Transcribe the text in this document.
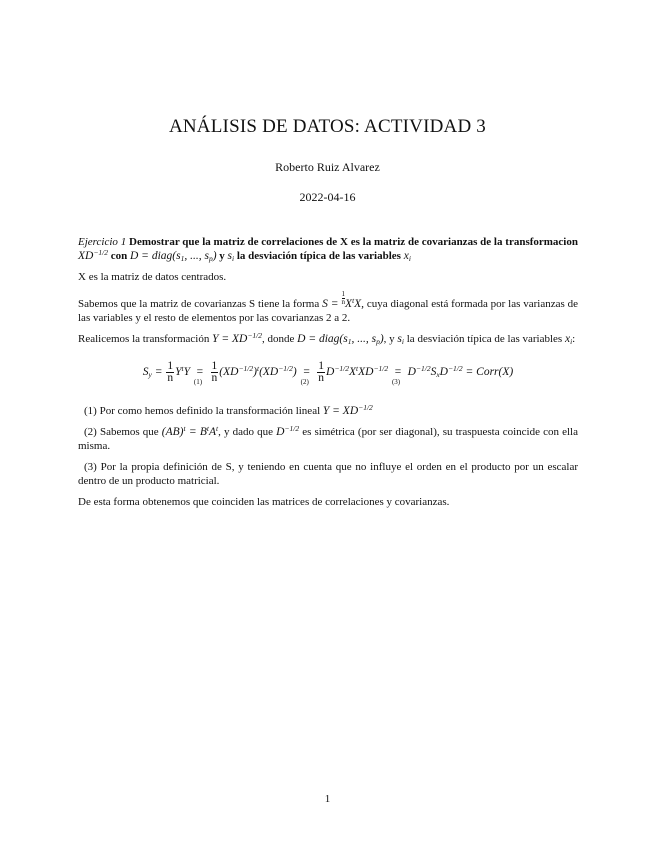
ANÁLISIS DE DATOS: ACTIVIDAD 3
Roberto Ruiz Alvarez
2022-04-16
Ejercicio 1 Demostrar que la matriz de correlaciones de X es la matriz de covarianzas de la transformacion $XD^{-1/2}$ con $D = diag(s_1$, ..., $s_p$) y $s_i$ la desviación típica de las variables $x_i$
X es la matriz de datos centrados.
Sabemos que la matriz de covarianzas S tiene la forma $S = \frac{1}{n} X^tX$, cuya diagonal está formada por las varianzas de las variables y el resto de elementos por las covarianzas 2 a 2.
Realicemos la transformación $Y = XD^{-1/2}$, donde $D = diag(s_1$, ..., $s_p$), y $s_i$ la desviación típica de las variables $x_i$:
$S_y = \frac{1}{n} Y^tY$ =
(1)
$\frac{1}{n} (XD^{-1/2})^t(XD^{-1/2})$ =
(2)
$\frac{1}{n} D^{-1/2}X^tXD^{-1/2}$ =
(3)
$D^{-1/2}S_xD^{-1/2}$ = Corr(X)
(1) Por como hemos definido la transformación lineal $Y = XD^{-1/2}$
(2) Sabemos que $(AB)^t = B^tA^t$, y dado que $D^{-1/2}$ es simétrica (por ser diagonal), su traspuesta coincide con ella misma.
(3) Por la propia definición de S, y teniendo en cuenta que no influye el orden en el producto por un escalar dentro de un producto matricial.
De esta forma obtenemos que coinciden las matrices de correlaciones y covarianzas.
1
